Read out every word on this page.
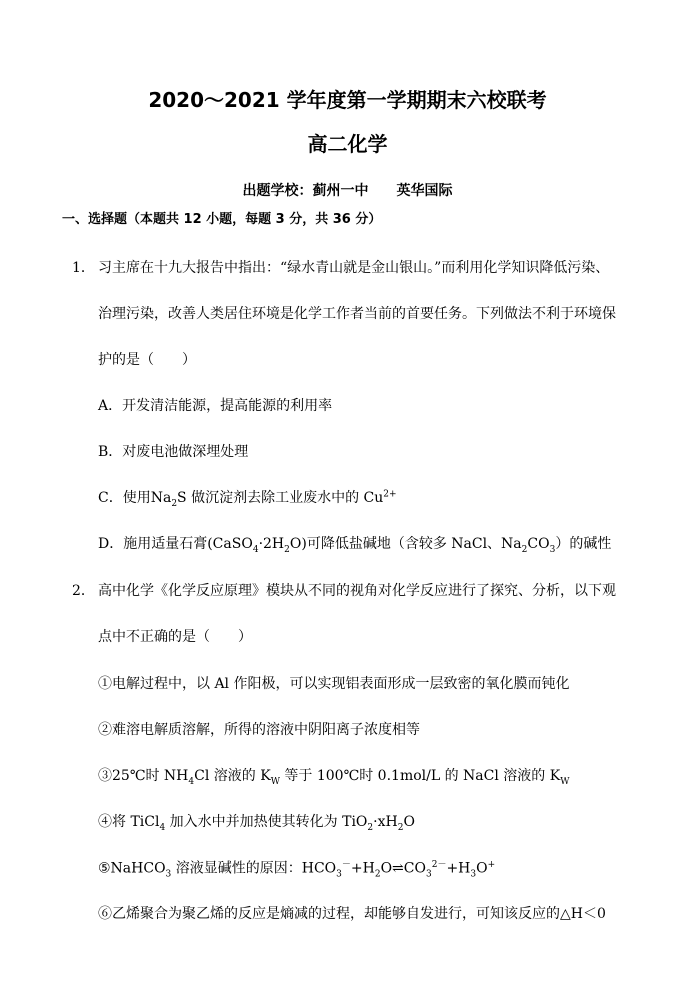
2020～2021 学年度第一学期期末六校联考
高二化学
出题学校：蓟州一中 英华国际
一、选择题（本题共 12 小题，每题 3 分，共 36 分）
1． 习主席在十九大报告中指出：“绿水青山就是金山银山。”而利用化学知识降低污染、
治理污染，改善人类居住环境是化学工作者当前的首要任务。下列做法不利于环境保
护的是（　　）
A．开发清洁能源，提高能源的利用率
B．对废电池做深埋处理
C．使用$Na_2S$ 做沉淀剂去除工业废水中的 $Cu^{2+}$
D．施用适量石膏$(CaSO_4\cdot 2H_2O)$可降低盐碱地（含较多 NaCl、$Na_2CO_3$）的碱性
2． 高中化学《化学反应原理》模块从不同的视角对化学反应进行了探究、分析，以下观
点中不正确的是（　　）
①电解过程中，以 Al 作阳极，可以实现铝表面形成一层致密的氧化膜而钝化
②难溶电解质溶解，所得的溶液中阴阳离子浓度相等
③25℃时 $NH_4Cl$ 溶液的 $K_W$ 等于 100℃时 0.1mol/L 的 NaCl 溶液的 $K_W$
④将 TiCl$_4$ 加入水中并加热使其转化为 $TiO_2\cdot xH_2O$
⑤NaHCO$_3$ 溶液显碱性的原因：$HCO_3^-+H_2O\rightleftharpoons CO_3^{2-}+H_3O^+$
⑥乙烯聚合为聚乙烯的反应是熵减的过程，却能够自发进行，可知该反应的△H＜0
